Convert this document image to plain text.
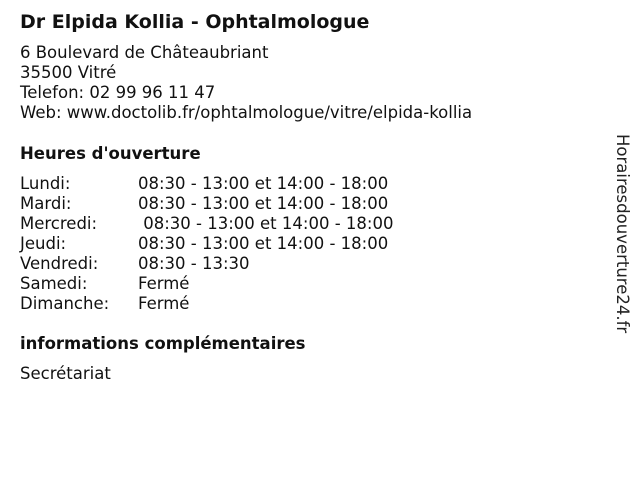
Dr Elpida Kollia - Ophtalmologue
6 Boulevard de Châteaubriant
35500 Vitré
Telefon: 02 99 96 11 47
Web: www.doctolib.fr/ophtalmologue/vitre/elpida-kollia
Heures d'ouverture
Lundi:	08:30 - 13:00 et 14:00 - 18:00
Mardi:	08:30 - 13:00 et 14:00 - 18:00
Mercredi:	08:30 - 13:00 et 14:00 - 18:00
Jeudi:	08:30 - 13:00 et 14:00 - 18:00
Vendredi:	08:30 - 13:30
Samedi:	Fermé
Dimanche:	Fermé
informations complémentaires
Secrétariat
Horairesdouverture24.fr
